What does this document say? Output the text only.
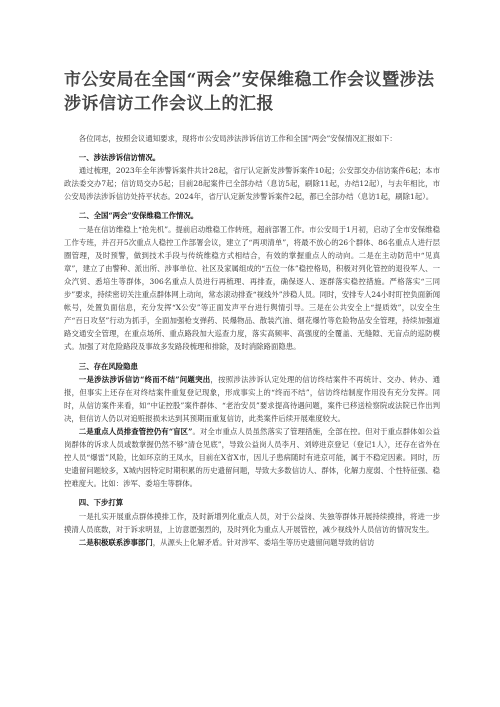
市公安局在全国“两会”安保维稳工作会议暨涉法涉诉信访工作会议上的汇报

各位同志，按照会议通知要求，现将市公安局涉法涉诉信访工作和全国“两会”安保情况汇报如下：

一、涉法涉诉信访情况。

通过梳理，2023年全年涉警诉案件共计28起，省厅认定新发涉警诉案件10起；公安部交办信访案件6起；本市政法委交办7起；信访局交办5起；目前28起案件已全部办结（息访5起，刷除11起，办结12起），与去年相比，市公安局涉法涉诉信访处持平状态。2024年，省厅认定新发涉警诉案件2起，都已全部办结（息访1起，刷除1起）。

二、全国“两会”安保维稳工作情况。

一是在信访维稳上“抢先机”。提前启动维稳工作转班，超前部署工作。市公安局于1月初，启动了全市安保维稳工作专班，并召开5次重点人稳控工作部署会议，建立了“两项清单”，将最不放心的26个群体、86名重点人进行层圈管理，及时预警，做到技术手段与传统维稳方式相结合，有效的掌握重点人的动向。二是在主动防范中“见真章”，建立了由警种、派出所、涉事单位、社区及家属组成的“五位一体”稳控格局，积极对列化管控的退役军人、一众汽贸、悉培生等群体，306名重点人员进行再梳理、再排查，确保逐人、逐群落实稳控措施。严格落实“三同步”要求，持续密切关注重点群体网上动向，常态滚动排查“视线外”涉稳人员。同时，安排专人24小时盯控负面新闻帐号，处置负面信息，充分发挥“X公安”等正面发声平台进行舆情引导。三是在公共安全上“提质效”，以安全生产“百日攻坚”行动为抓手，全面加强枪支弹药、民爆物品、散装汽油、烟花爆竹等危险物品安全管理，持续加强道路交通安全管理，在重点场所、重点路段加大巡查力度，落实高频率、高强度的全覆盖、无缝隙、无盲点的巡防模式。加强了对危险路段及事故多发路段梳理和排除，及时消除路面隐患。

三、存在风险隐患

一是涉法涉诉信访“终而不结”问题突出，按照涉法涉诉认定处理的信访终结案件不再统计、交办、转办、通报，但事实上还存在对终结案件重复登记现象，形成事实上的“终而不结”，信访终结制度作用没有充分发挥。同时，从信访案件来看，如“中证控股”案件群体、“老治安员”要求提高待遇问题，案件已移送检察院或法院已作出判决，但信访人仍以对追赃报损未达到其预期而重复信访，此类案件后续开展难度较大。

二是重点人员排查管控仍有“盲区”。对全市重点人员虽然落实了管理措施，全部在控。但对于重点群体如公益岗群体的诉求人员或数掌握仍然不够“清仓见底”，导致公益岗人员李月、刘婷进京登记（登记1人），还存在省外在控人员“爆雷”风险，比如环京的王凤水，目前在X省X市，因儿子患病随时有进京可能，属于不稳定因素。同时，历史遗留问题较多，X城内因特定时期积累的历史遗留问题，导致大多数信访人、群体，化解力度弱、个性特征强、稳控难度大。比如：涉军、委培生等群体。

四、下步打算

一是扎实开展重点群体摸排工作，及时新增列化重点人员，对于公益岗、失独等群体开展持续摸排，将进一步摸清人员底数，对于诉求明显，上访意愿强烈的，及时列化为重点人开展管控，减少视线外人员信访的情况发生。

二是积极联系涉事部门，从源头上化解矛盾。针对涉军、委培生等历史遗留问题导致的信访
